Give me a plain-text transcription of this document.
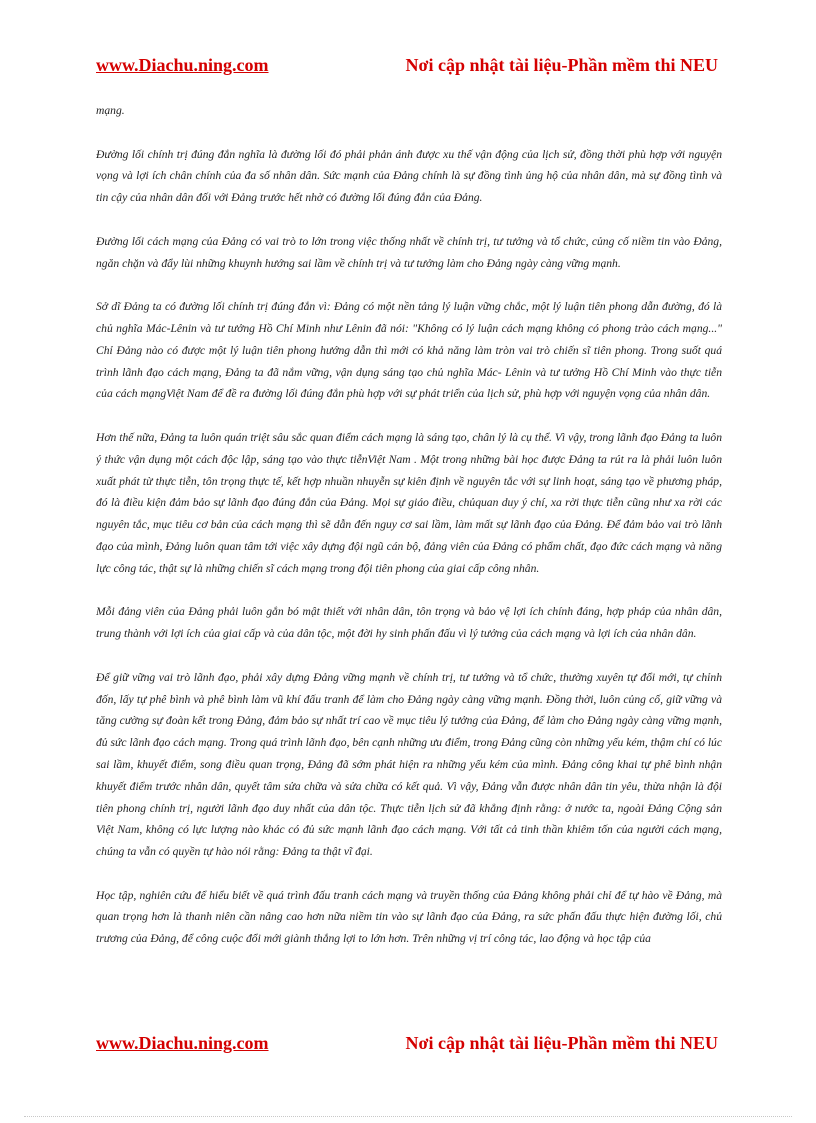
www.Diachu.ning.com	Nơi cập nhật tài liệu-Phần mềm thi NEU

mạng.

Đường lối chính trị đúng đắn nghĩa là đường lối đó phải phản ánh được xu thế vận động của lịch sử, đồng thời phù hợp với nguyện vọng và lợi ích chân chính của đa số nhân dân. Sức mạnh của Đảng chính là sự đồng tình ủng hộ của nhân dân, mà sự đồng tình và tin cậy của nhân dân đối với Đảng trước hết nhờ có đường lối đúng đắn của Đảng.

Đường lối cách mạng của Đảng có vai trò to lớn trong việc thống nhất về chính trị, tư tưởng và tổ chức, củng cố niềm tin vào Đảng, ngăn chặn và đẩy lùi những khuynh hướng sai lầm về chính trị và tư tưởng làm cho Đảng ngày càng vững mạnh.

Sở dĩ Đảng ta có đường lối chính trị đúng đắn vì: Đảng có một nền tảng lý luận vững chắc, một lý luận tiên phong dẫn đường, đó là chủ nghĩa Mác-Lênin và tư tưởng Hồ Chí Minh như Lênin đã nói: "Không có lý luận cách mạng không có phong trào cách mạng..." Chỉ Đảng nào có được một lý luận tiên phong hướng dẫn thì mới có khả năng làm tròn vai trò chiến sĩ tiên phong. Trong suốt quá trình lãnh đạo cách mạng, Đảng ta đã nắm vững, vận dụng sáng tạo chủ nghĩa Mác- Lênin và tư tưởng Hồ Chí Minh vào thực tiễn của cách mạngViệt Nam để đề ra đường lối đúng đắn phù hợp với sự phát triển của lịch sử, phù hợp với nguyện vọng của nhân dân.

Hơn thế nữa, Đảng ta luôn quán triệt sâu sắc quan điểm cách mạng là sáng tạo, chân lý là cụ thể. Vì vậy, trong lãnh đạo Đảng ta luôn ý thức vận dụng một cách độc lập, sáng tạo vào thực tiễnViệt Nam . Một trong những bài học được Đảng ta rút ra là phải luôn luôn xuất phát từ thực tiễn, tôn trọng thực tế, kết hợp nhuần nhuyễn sự kiên định về nguyên tắc với sự linh hoạt, sáng tạo về phương pháp, đó là điều kiện đảm bảo sự lãnh đạo đúng đắn của Đảng. Mọi sự giáo điều, chủquan duy ý chí, xa rời thực tiễn cũng như xa rời các nguyên tắc, mục tiêu cơ bản của cách mạng thì sẽ dẫn đến nguy cơ sai lầm, làm mất sự lãnh đạo của Đảng. Để đảm bảo vai trò lãnh đạo của mình, Đảng luôn quan tâm tới việc xây dựng đội ngũ cán bộ, đảng viên của Đảng có phẩm chất, đạo đức cách mạng và năng lực công tác, thật sự là những chiến sĩ cách mạng trong đội tiên phong của giai cấp công nhân.

Mỗi đảng viên của Đảng phải luôn gắn bó mật thiết với nhân dân, tôn trọng và bảo vệ lợi ích chính đáng, hợp pháp của nhân dân, trung thành với lợi ích của giai cấp và của dân tộc, một đời hy sinh phấn đấu vì lý tưởng của cách mạng và lợi ích của nhân dân.

Để giữ vững vai trò lãnh đạo, phải xây dựng Đảng vững mạnh về chính trị, tư tưởng và tổ chức, thường xuyên tự đổi mới, tự chỉnh đốn, lấy tự phê bình và phê bình làm vũ khí đấu tranh để làm cho Đảng ngày càng vững mạnh. Đồng thời, luôn củng cố, giữ vững và tăng cường sự đoàn kết trong Đảng, đảm bảo sự nhất trí cao về mục tiêu lý tưởng của Đảng, để làm cho Đảng ngày càng vững mạnh, đủ sức lãnh đạo cách mạng. Trong quá trình lãnh đạo, bên cạnh những ưu điểm, trong Đảng cũng còn những yếu kém, thậm chí có lúc sai lầm, khuyết điểm, song điều quan trọng, Đảng đã sớm phát hiện ra những yếu kém của mình. Đảng công khai tự phê bình nhận khuyết điểm trước nhân dân, quyết tâm sửa chữa và sửa chữa có kết quả. Vì vậy, Đảng vẫn được nhân dân tin yêu, thừa nhận là đội tiên phong chính trị, người lãnh đạo duy nhất của dân tộc. Thực tiễn lịch sử đã khẳng định rằng: ở nước ta, ngoài Đảng Cộng sản Việt Nam, không có lực lượng nào khác có đủ sức mạnh lãnh đạo cách mạng. Với tất cả tinh thần khiêm tốn của người cách mạng, chúng ta vẫn có quyền tự hào nói rằng: Đảng ta thật vĩ đại.

Học tập, nghiên cứu để hiểu biết về quá trình đấu tranh cách mạng và truyền thống của Đảng không phải chỉ để tự hào về Đảng, mà quan trọng hơn là thanh niên cần nâng cao hơn nữa niềm tin vào sự lãnh đạo của Đảng, ra sức phấn đấu thực hiện đường lối, chủ trương của Đảng, để công cuộc đổi mới giành thắng lợi to lớn hơn. Trên những vị trí công tác, lao động và học tập của

www.Diachu.ning.com	Nơi cập nhật tài liệu-Phần mềm thi NEU
